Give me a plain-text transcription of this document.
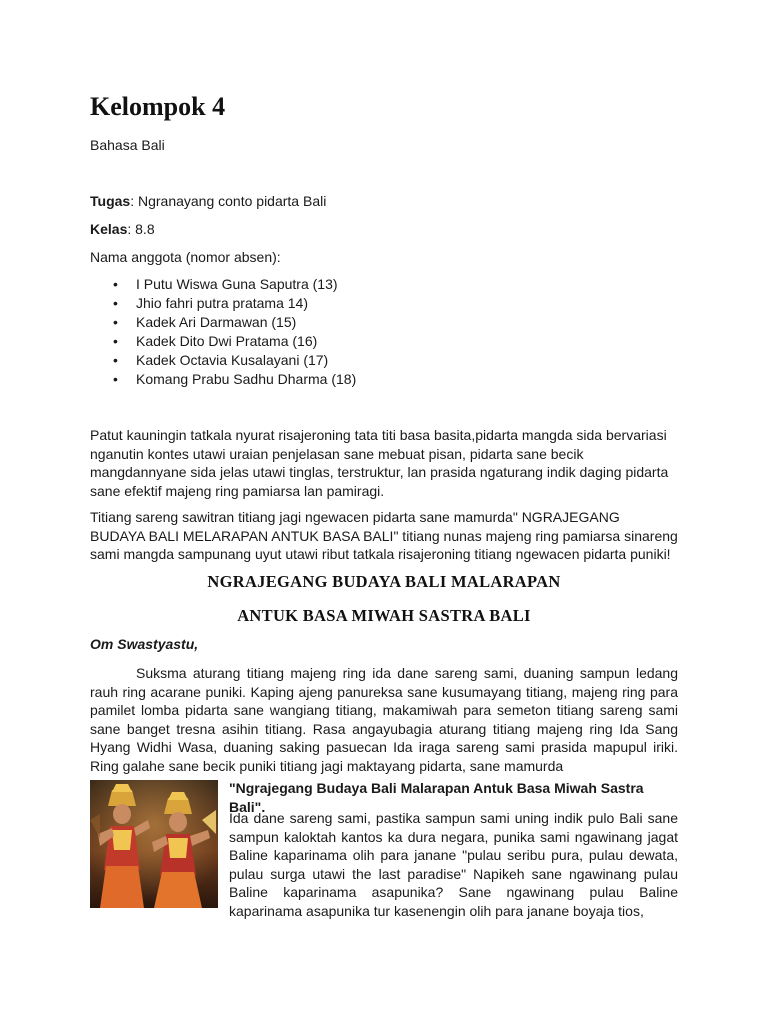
Kelompok 4

Bahasa Bali

Tugas: Ngranayang conto pidarta Bali

Kelas: 8.8

Nama anggota (nomor absen):

• I Putu Wiswa Guna Saputra (13)
• Jhio fahri putra pratama 14)
• Kadek Ari Darmawan (15)
• Kadek Dito Dwi Pratama (16)
• Kadek Octavia Kusalayani (17)
• Komang Prabu Sadhu Dharma (18)

Patut kauningin tatkala nyurat risajeroning tata titi basa basita,pidarta mangda sida bervariasi nganutin kontes utawi uraian penjelasan sane mebuat pisan, pidarta sane becik mangdannyane sida jelas utawi tinglas, terstruktur, lan prasida ngaturang indik daging pidarta sane efektif majeng ring pamiarsa lan pamiragi.

Titiang sareng sawitran titiang jagi ngewacen pidarta sane mamurda" NGRAJEGANG BUDAYA BALI MELARAPAN ANTUK BASA BALI" titiang nunas majeng ring pamiarsa sinareng sami mangda sampunang uyut utawi ribut tatkala risajeroning titiang ngewacen pidarta puniki!

NGRAJEGANG BUDAYA BALI MALARAPAN
ANTUK BASA MIWAH SASTRA BALI

Om Swastyastu,

Suksma aturang titiang majeng ring ida dane sareng sami, duaning sampun ledang rauh ring acarane puniki. Kaping ajeng panureksa sane kusumayang titiang, majeng ring para pamilet lomba pidarta sane wangiang titiang, makamiwah para semeton titiang sareng sami sane banget tresna asihin titiang. Rasa angayubagia aturang titiang majeng ring Ida Sang Hyang Widhi Wasa, duaning saking pasuecan Ida iraga sareng sami prasida mapupul iriki. Ring galahe sane becik puniki titiang jagi maktayang pidarta, sane mamurda

"Ngrajegang Budaya Bali Malarapan Antuk Basa Miwah Sastra Bali".

Ida dane sareng sami, pastika sampun sami uning indik pulo Bali sane sampun kaloktah kantos ka dura negara, punika sami ngawinang jagat Baline kaparinama olih para janane "pulau seribu pura, pulau dewata, pulau surga utawi the last paradise" Napikeh sane ngawinang pulau Baline kaparinama asapunika? Sane ngawinang pulau Baline kaparinama asapunika tur kasenengin olih para janane boyaja tios,
